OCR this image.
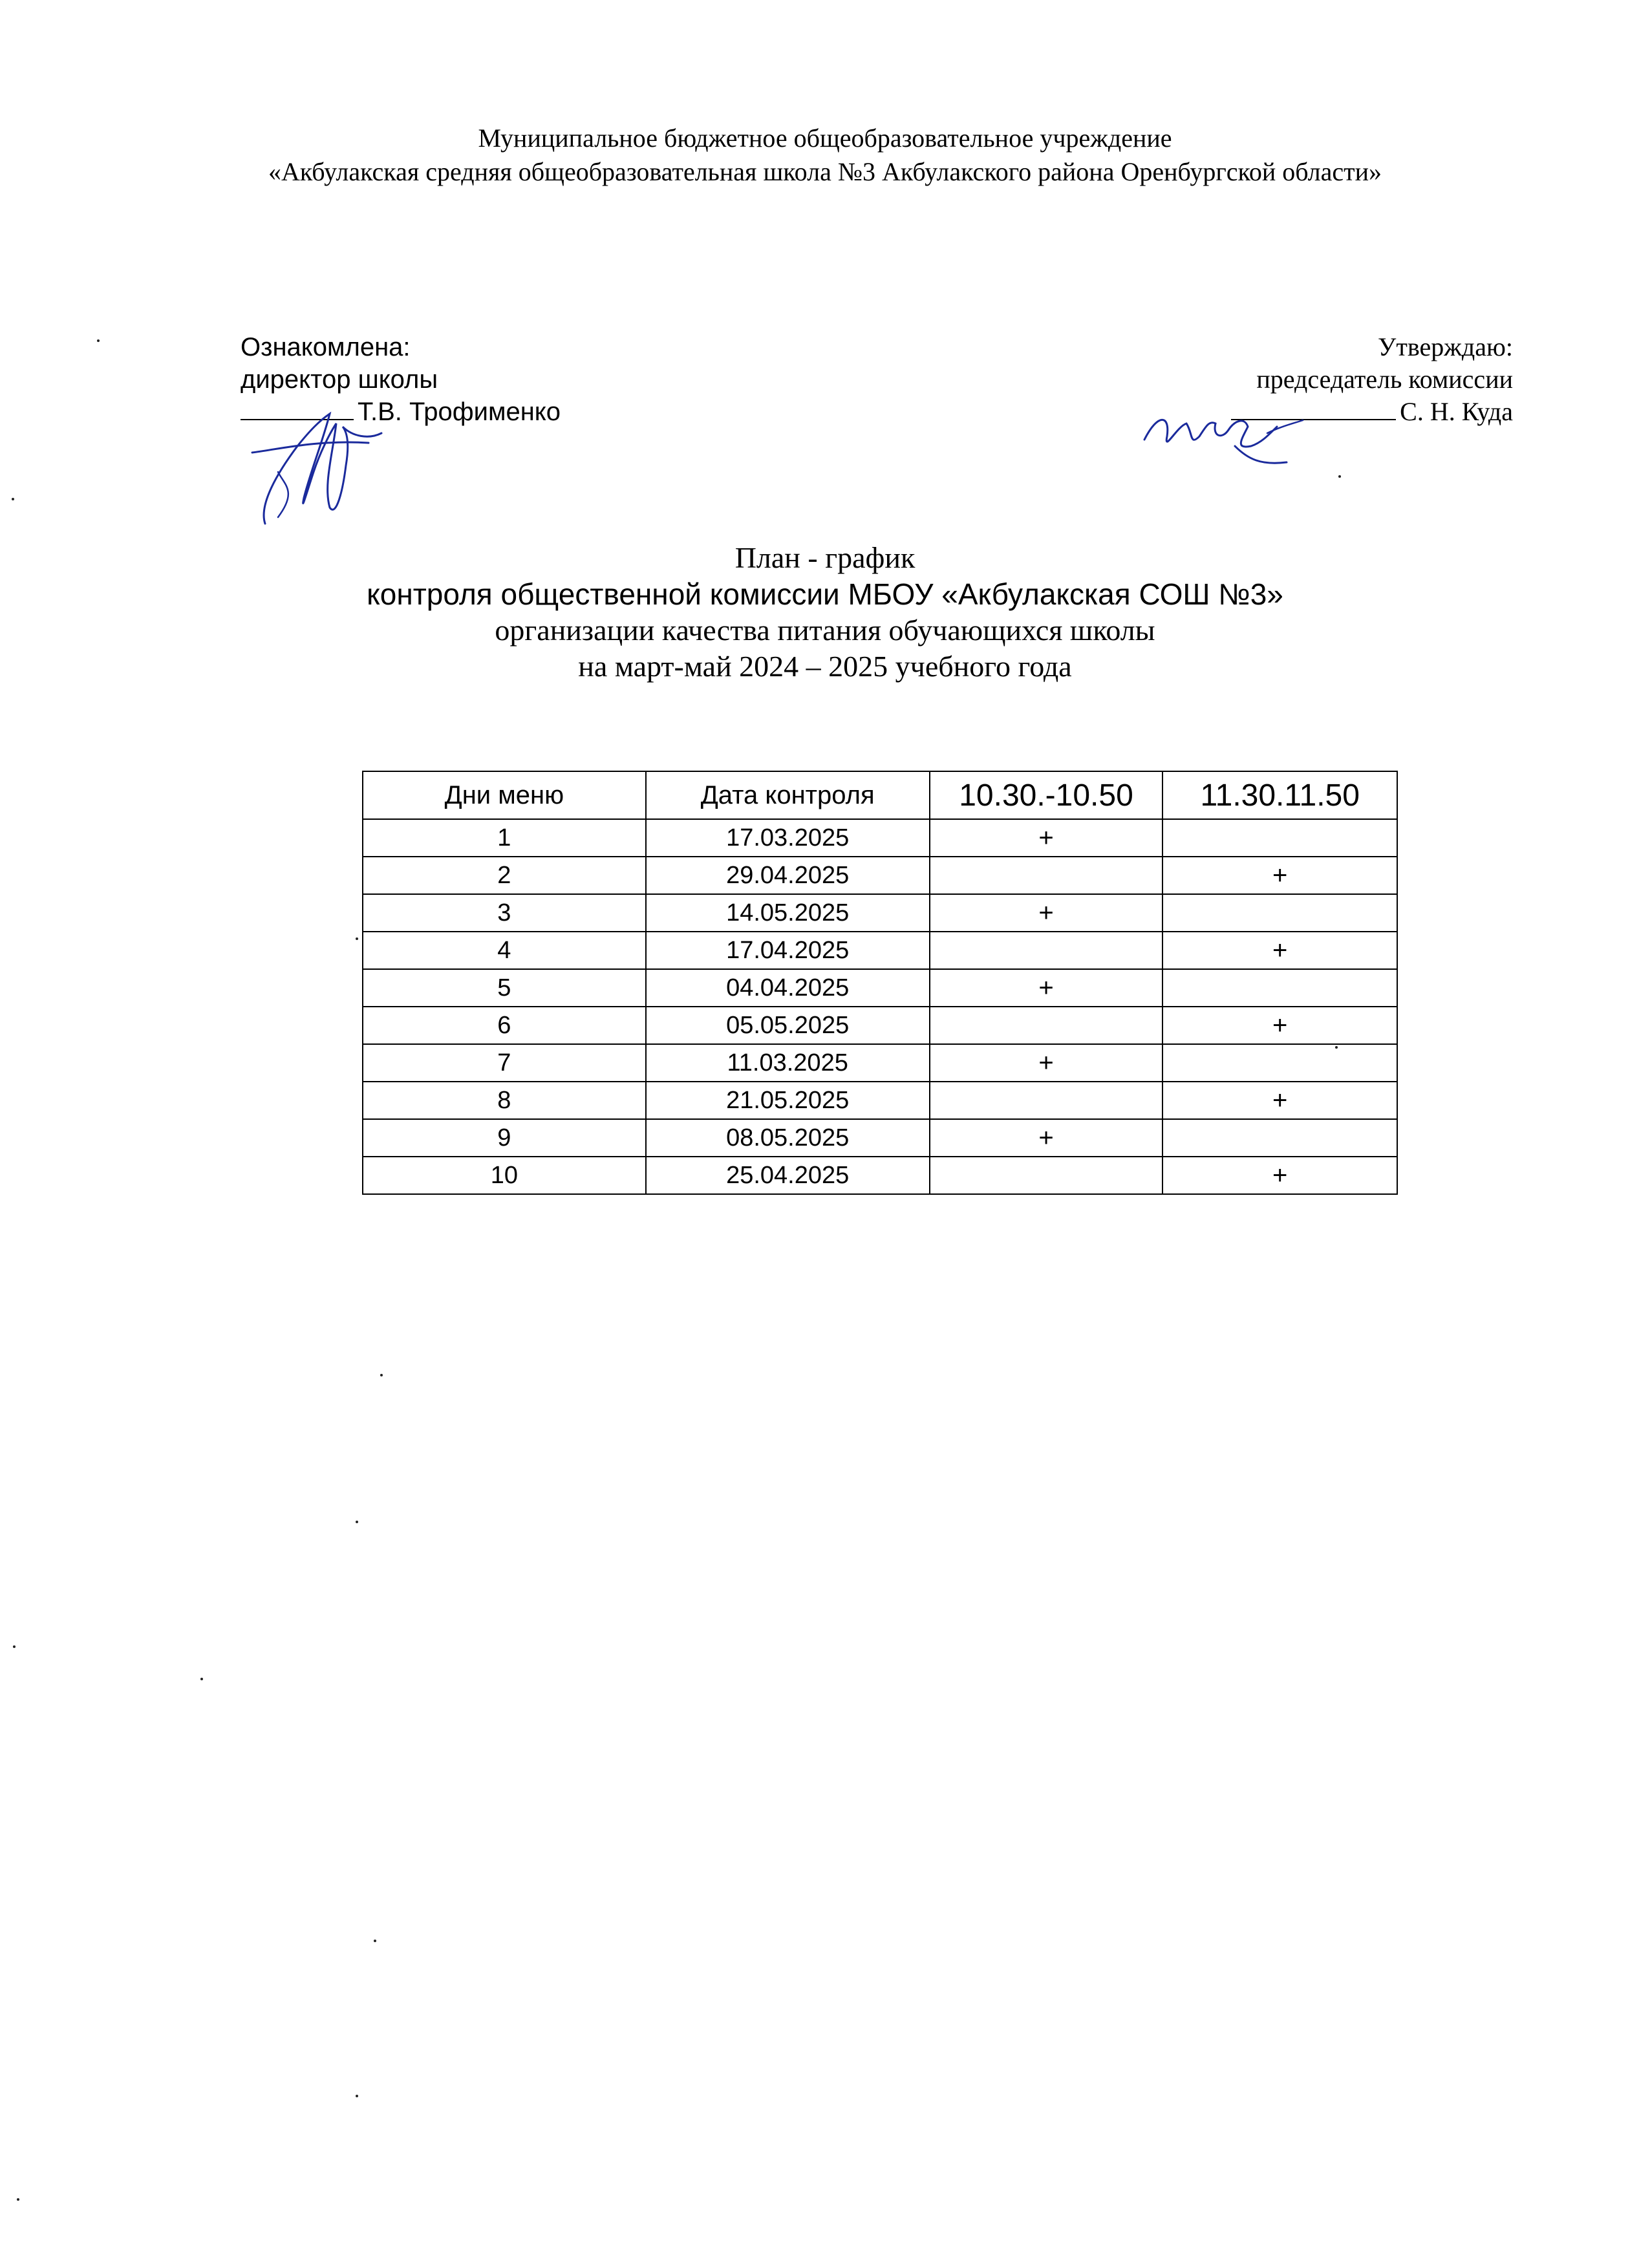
Муниципальное бюджетное общеобразовательное учреждение
«Акбулакская средняя общеобразовательная школа №3 Акбулакского района Оренбургской области»
Ознакомлена:
директор школы
Т.В. Трофименко
Утверждаю:
председатель комиссии
С. Н. Куда
План - график
контроля общественной комиссии МБОУ «Акбулакская СОШ №3»
организации качества питания обучающихся школы
на март-май 2024 – 2025 учебного года
Дни меню	Дата контроля	10.30.-10.50	11.30.11.50
1	17.03.2025	+	
2	29.04.2025		+
3	14.05.2025	+	
4	17.04.2025		+
5	04.04.2025	+	
6	05.05.2025		+
7	11.03.2025	+	
8	21.05.2025		+
9	08.05.2025	+	
10	25.04.2025		+
